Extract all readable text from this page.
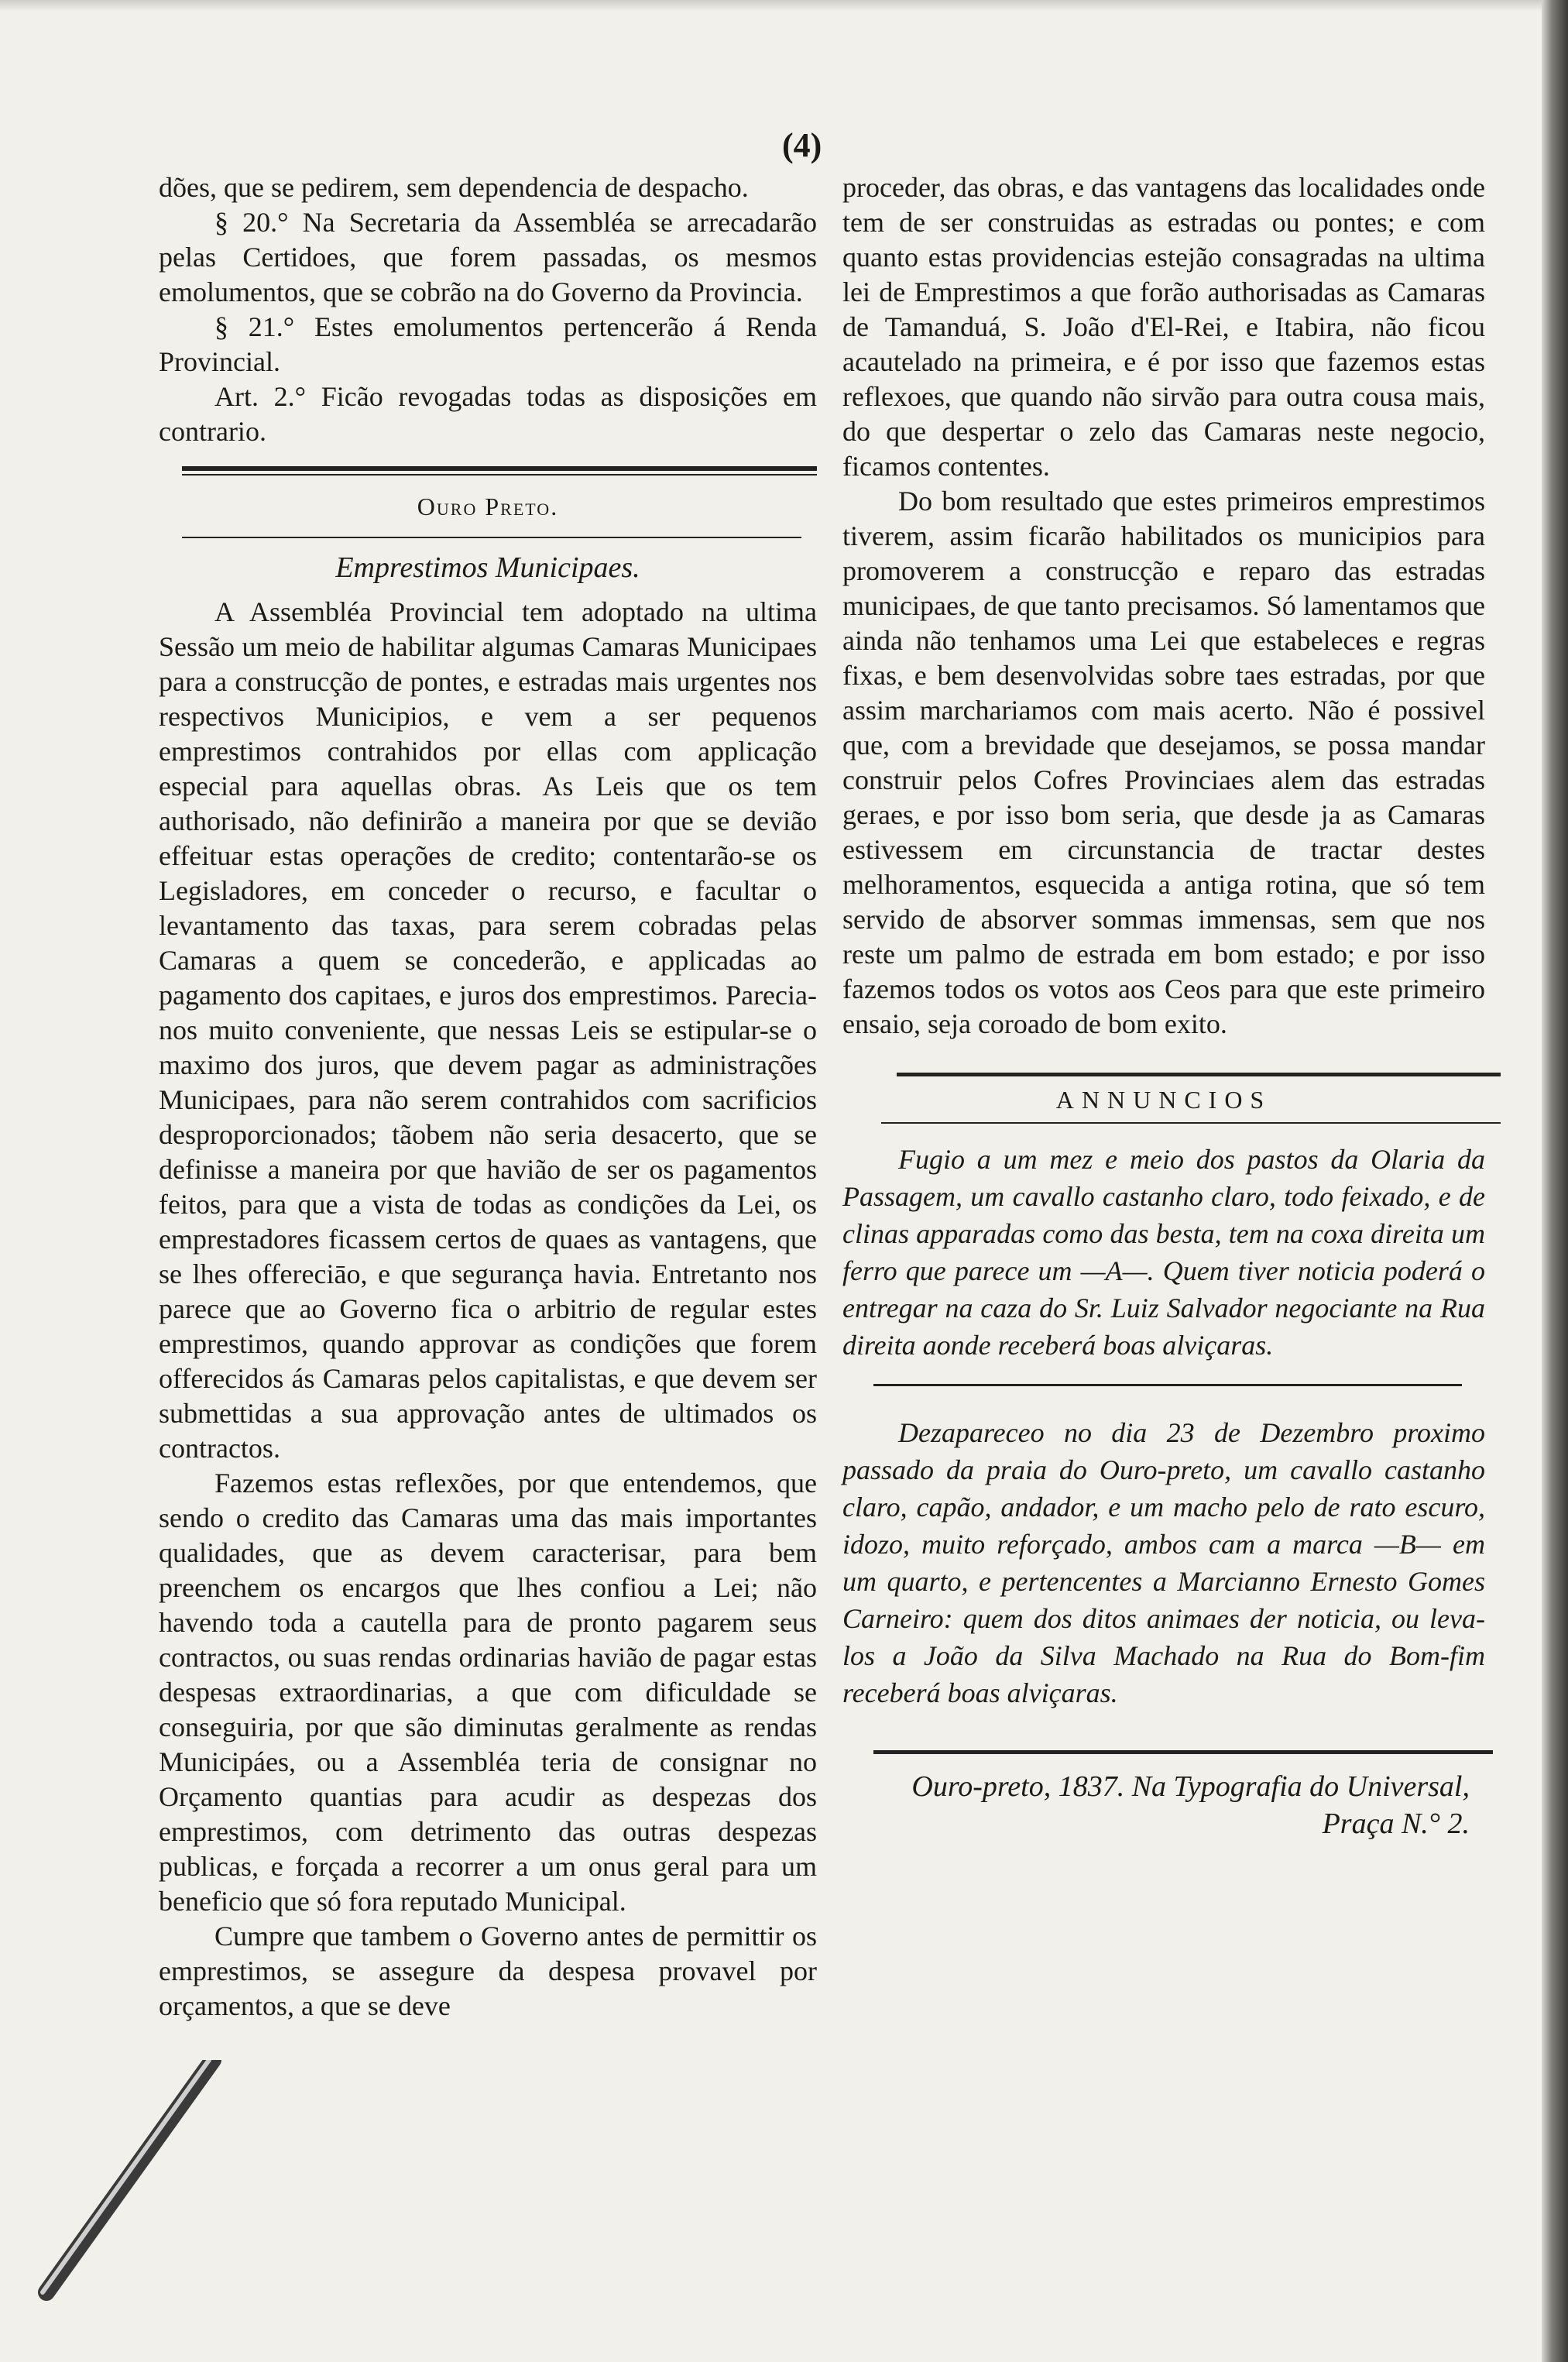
(4)

dões, que se pedirem, sem dependencia de despacho.

§ 20.° Na Secretaria da Assembléa se arrecadarão pelas Certidoes, que forem passadas, os mesmos emolumentos, que se cobrão na do Governo da Provincia.

§ 21.° Estes emolumentos pertencerão á Renda Provincial.

Art. 2.° Ficão revogadas todas as disposições em contrario.

Ouro Preto.
Emprestimos Municipaes.

A Assembléa Provincial tem adoptado na ultima Sessão um meio de habilitar algumas Camaras Municipaes para a construcção de pontes, e estradas mais urgentes nos respectivos Municipios, e vem a ser pequenos emprestimos contrahidos por ellas com applicação especial para aquellas obras. As Leis que os tem authorisado, não definirão a maneira por que se devião effeituar estas operações de credito; contentarão-se os Legisladores, em conceder o recurso, e facultar o levantamento das taxas, para serem cobradas pelas Camaras a quem se concederão, e applicadas ao pagamento dos capitaes, e juros dos emprestimos. Parecia-nos muito convenientе, que nessas Leis se estipular-se o maximo dos juros, que devem pagar as administrações Municipaes, para não serem contrahidos com sacrificios desproporcionados; tãobem não seria desacerto, que se definisse a maneira por que havião de ser os pagamentos feitos, para que a vista de todas as condições da Lei, os emprestadores ficassem certos de quaes as vantagens, que se lhes offereciāo, e que segurança havia. Entretanto nos parece que ao Governo fica o arbitrio de regular estes emprestimos, quando approvar as condições que forem offerecidos ás Camaras pelos capitalistas, e que devem ser submettidas a sua approvação antes de ultimados os contractos.

Fazemos estas reflexões, por que entendemos, que sendo o credito das Camaras uma das mais importantes qualidades, que as devem caracterisar, para bem preenchem os encargos que lhes confiou a Lei; não havendo toda a cautella para de pronto pagarem seus contractos, ou suas rendas ordinarias havião de pagar estas despesas extraordinarias, a que com dificuldade se conseguiria, por que são diminutas geralmente as rendas Municipáes, ou a Assembléa teria de consignar no Orçamento quantias para acudir as despezas dos emprestimos, com detrimento das outras despezas publicas, e forçada a recorrer a um onus geral para um beneficio que só fora reputado Municipal.

Cumpre que tambem o Governo antes de permittir os emprestimos, se assegure da despesa provavel por orçamentos, a que se deve

proceder, das obras, e das vantagens das localidades onde tem de ser construidas as estradas ou pontes; e com quanto estas providencias estejão consagradas na ultima lei de Emprestimos a que forão authorisadas as Camaras de Tamanduá, S. João d'El-Rei, e Itabira, não ficou acautelado na primeira, e é por isso que fazemos estas reflexoes, que quando não sirvão para outra cousa mais, do que despertar o zelo das Camaras neste negocio, ficamos contentes.

Do bom resultado que estes primeiros emprestimos tiverem, assim ficarão habilitados os municipios para promoverem a construcção e reparo das estradas municipaes, de que tanto precisamos. Só lamentamos que ainda não tenhamos uma Lei que estabeleces e regras fixas, e bem desenvolvidas sobre taes estradas, por que assim marchariamos com mais acerto. Não é possivel que, com a brevidade que desejamos, se possa mandar construir pelos Cofres Provinciaes alem das estradas geraes, e por isso bom seria, que desde ja as Camaras estivessem em circunstancia de tractar destes melhoramentos, esquecida a antiga rotina, que só tem servido de absorver sommas immensas, sem que nos reste um palmo de estrada em bom estado; e por isso fazemos todos os votos aos Ceos para que este primeiro ensaio, seja coroado de bom exito.

ANNUNCIOS

Fugio a um mez e meio dos pastos da Olaria da Passagem, um cavallo castanho claro, todo feixado, e de clinas apparadas como das besta, tem na coxa direita um ferro que parece um —A—. Quem tiver noticia poderá o entregar na caza do Sr. Luiz Salvador negociante na Rua direita aonde receberá boas alviçaras.

Dezapareceo no dia 23 de Dezembro proximo passado da praia do Ouro-preto, um cavallo castanho claro, capão, andador, e um macho pelo de rato escuro, idozo, muito reforçado, ambos cam a marca —B— em um quarto, e pertencentes a Marcianno Ernesto Gomes Carneiro: quem dos ditos animaes der noticia, ou leva-los a João da Silva Machado na Rua do Bom-fim receberá boas alviçaras.

Ouro-preto, 1837. Na Typografia do Universal, Praça N.° 2.
